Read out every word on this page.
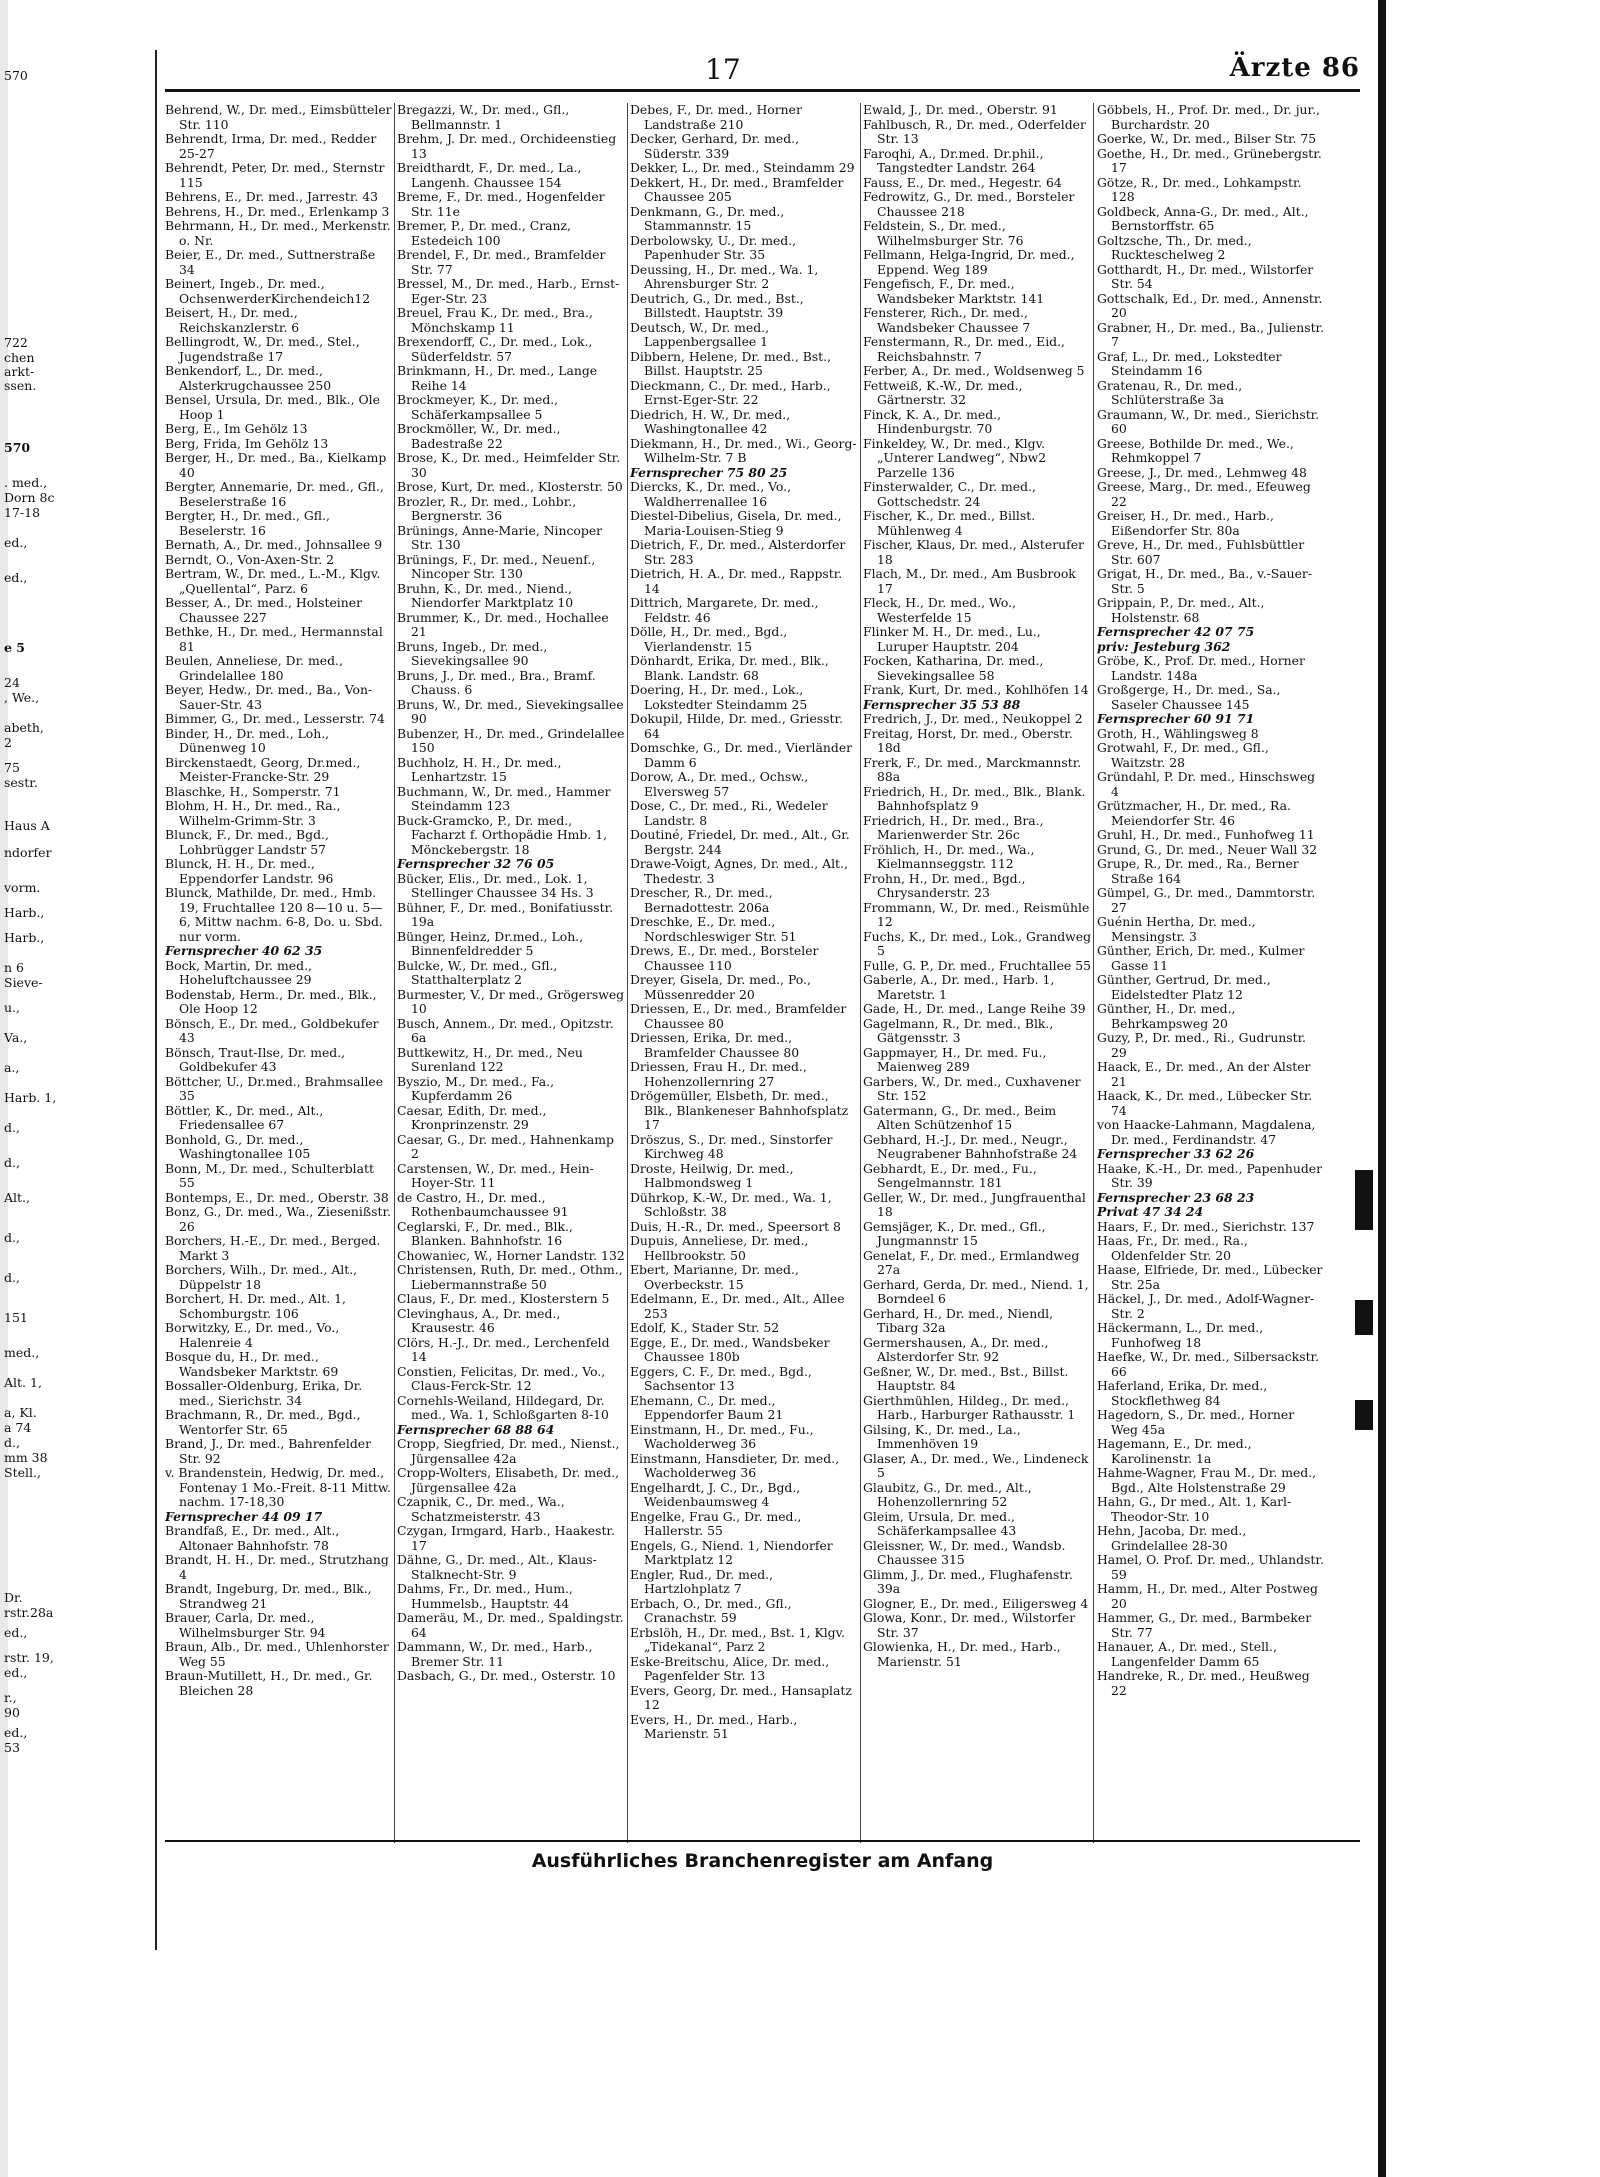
570
722
chen
arkt-
ssen.
570
. med.,
Dorn 8c
17-18
ed.,
ed.,
e 5
24
, We.,
abeth,
2
75
sestr.
Haus A
ndorfer
vorm.
Harb.,
Harb.,
n 6
Sieve-
u.,
Va.,
a.,
Harb. 1,
d.,
d.,
Alt.,
d.,
d.,
151
med.,
Alt. 1,
a, Kl.
a 74
d.,
mm 38
Stell.,
Dr.
rstr.28a
ed.,
rstr. 19,
ed.,
r.,
90
ed.,
53
17	Ärzte 86

Behrend, W., Dr. med., Eimsbütteler Str. 110

Behrendt, Irma, Dr. med., Redder 25-27

Behrendt, Peter, Dr. med., Sternstr 115

Behrens, E., Dr. med., Jarrestr. 43

Behrens, H., Dr. med., Erlenkamp 3

Behrmann, H., Dr. med., Merkenstr. o. Nr.

Beier, E., Dr. med., Suttnerstraße 34

Beinert, Ingeb., Dr. med., OchsenwerderKirchendeich12

Beisert, H., Dr. med., Reichskanzlerstr. 6

Bellingrodt, W., Dr. med., Stel., Jugendstraße 17

Benkendorf, L., Dr. med., Alsterkrugchaussee 250

Bensel, Ursula, Dr. med., Blk., Ole Hoop 1

Berg, E., Im Gehölz 13

Berg, Frida, Im Gehölz 13

Berger, H., Dr. med., Ba., Kielkamp 40

Bergter, Annemarie, Dr. med., Gfl., Beselerstraße 16

Bergter, H., Dr. med., Gfl., Beselerstr. 16

Bernath, A., Dr. med., Johnsallee 9

Berndt, O., Von-Axen-Str. 2

Bertram, W., Dr. med., L.-M., Klgv. „Quellental“, Parz. 6

Besser, A., Dr. med., Holsteiner Chaussee 227

Bethke, H., Dr. med., Hermannstal 81

Beulen, Anneliese, Dr. med., Grindelallee 180

Beyer, Hedw., Dr. med., Ba., Von-Sauer-Str. 43

Bimmer, G., Dr. med., Lesserstr. 74

Binder, H., Dr. med., Loh., Dünenweg 10

Birckenstaedt, Georg, Dr.med., Meister-Francke-Str. 29

Blaschke, H., Somperstr. 71

Blohm, H. H., Dr. med., Ra., Wilhelm-Grimm-Str. 3

Blunck, F., Dr. med., Bgd., Lohbrügger Landstr 57

Blunck, H. H., Dr. med., Eppendorfer Landstr. 96

Blunck, Mathilde, Dr. med., Hmb. 19, Fruchtallee 120 8—10 u. 5—6, Mittw nachm. 6-8, Do. u. Sbd. nur vorm.

Fernsprecher 40 62 35

Bock, Martin, Dr. med., Hoheluftchaussee 29

Bodenstab, Herm., Dr. med., Blk., Ole Hoop 12

Bönsch, E., Dr. med., Goldbekufer 43

Bönsch, Traut-Ilse, Dr. med., Goldbekufer 43

Böttcher, U., Dr.med., Brahmsallee 35

Böttler, K., Dr. med., Alt., Friedensallee 67

Bonhold, G., Dr. med., Washingtonallee 105

Bonn, M., Dr. med., Schulterblatt 55

Bontemps, E., Dr. med., Oberstr. 38

Bonz, G., Dr. med., Wa., Ziesenißstr. 26

Borchers, H.-E., Dr. med., Berged. Markt 3

Borchers, Wilh., Dr. med., Alt., Düppelstr 18

Borchert, H. Dr. med., Alt. 1, Schomburgstr. 106

Borwitzky, E., Dr. med., Vo., Halenreie 4

Bosque du, H., Dr. med., Wandsbeker Marktstr. 69

Bossaller-Oldenburg, Erika, Dr. med., Sierichstr. 34

Brachmann, R., Dr. med., Bgd., Wentorfer Str. 65

Brand, J., Dr. med., Bahrenfelder Str. 92

v. Brandenstein, Hedwig, Dr. med., Fontenay 1 Mo.-Freit. 8-11 Mittw. nachm. 17-18,30

Fernsprecher 44 09 17

Brandfaß, E., Dr. med., Alt., Altonaer Bahnhofstr. 78

Brandt, H. H., Dr. med., Strutzhang 4

Brandt, Ingeburg, Dr. med., Blk., Strandweg 21

Brauer, Carla, Dr. med., Wilhelmsburger Str. 94

Braun, Alb., Dr. med., Uhlenhorster Weg 55

Braun-Mutillett, H., Dr. med., Gr. Bleichen 28

Bregazzi, W., Dr. med., Gfl., Bellmannstr. 1

Brehm, J. Dr. med., Orchideenstieg 13

Breidthardt, F., Dr. med., La., Langenh. Chaussee 154

Breme, F., Dr. med., Hogenfelder Str. 11e

Bremer, P., Dr. med., Cranz, Estedeich 100

Brendel, F., Dr. med., Bramfelder Str. 77

Bressel, M., Dr. med., Harb., Ernst-Eger-Str. 23

Breuel, Frau K., Dr. med., Bra., Mönchskamp 11

Brexendorff, C., Dr. med., Lok., Süderfeldstr. 57

Brinkmann, H., Dr. med., Lange Reihe 14

Brockmeyer, K., Dr. med., Schäferkampsallee 5

Brockmöller, W., Dr. med., Badestraße 22

Brose, K., Dr. med., Heimfelder Str. 30

Brose, Kurt, Dr. med., Klosterstr. 50

Brozler, R., Dr. med., Lohbr., Bergnerstr. 36

Brünings, Anne-Marie, Nincoper Str. 130

Brünings, F., Dr. med., Neuenf., Nincoper Str. 130

Bruhn, K., Dr. med., Niend., Niendorfer Marktplatz 10

Brummer, K., Dr. med., Hochallee 21

Bruns, Ingeb., Dr. med., Sievekingsallee 90

Bruns, J., Dr. med., Bra., Bramf. Chauss. 6

Bruns, W., Dr. med., Sievekingsallee 90

Bubenzer, H., Dr. med., Grindelallee 150

Buchholz, H. H., Dr. med., Lenhartzstr. 15

Buchmann, W., Dr. med., Hammer Steindamm 123

Buck-Gramcko, P., Dr. med., Facharzt f. Orthopädie Hmb. 1, Mönckebergstr. 18

Fernsprecher 32 76 05

Bücker, Elis., Dr. med., Lok. 1, Stellinger Chaussee 34 Hs. 3

Bühner, F., Dr. med., Bonifatiusstr. 19a

Bünger, Heinz, Dr.med., Loh., Binnenfeldredder 5

Bulcke, W., Dr. med., Gfl., Statthalterplatz 2

Burmester, V., Dr med., Grögersweg 10

Busch, Annem., Dr. med., Opitzstr. 6a

Buttkewitz, H., Dr. med., Neu Surenland 122

Byszio, M., Dr. med., Fa., Kupferdamm 26

Caesar, Edith, Dr. med., Kronprinzenstr. 29

Caesar, G., Dr. med., Hahnenkamp 2

Carstensen, W., Dr. med., Hein-Hoyer-Str. 11

de Castro, H., Dr. med., Rothenbaumchaussee 91

Ceglarski, F., Dr. med., Blk., Blanken. Bahnhofstr. 16

Chowaniec, W., Horner Landstr. 132

Christensen, Ruth, Dr. med., Othm., Liebermannstraße 50

Claus, F., Dr. med., Klosterstern 5

Clevinghaus, A., Dr. med., Krausestr. 46

Clörs, H.-J., Dr. med., Lerchenfeld 14

Constien, Felicitas, Dr. med., Vo., Claus-Ferck-Str. 12

Cornehls-Weiland, Hildegard, Dr. med., Wa. 1, Schloßgarten 8-10

Fernsprecher 68 88 64

Cropp, Siegfried, Dr. med., Nienst., Jürgensallee 42a

Cropp-Wolters, Elisabeth, Dr. med., Jürgensallee 42a

Czapnik, C., Dr. med., Wa., Schatzmeisterstr. 43

Czygan, Irmgard, Harb., Haakestr. 17

Dähne, G., Dr. med., Alt., Klaus-Stalknecht-Str. 9

Dahms, Fr., Dr. med., Hum., Hummelsb., Hauptstr. 44

Dameräu, M., Dr. med., Spaldingstr. 64

Dammann, W., Dr. med., Harb., Bremer Str. 11

Dasbach, G., Dr. med., Osterstr. 10

Debes, F., Dr. med., Horner Landstraße 210

Decker, Gerhard, Dr. med., Süderstr. 339

Dekker, L., Dr. med., Steindamm 29

Dekkert, H., Dr. med., Bramfelder Chaussee 205

Denkmann, G., Dr. med., Stammannstr. 15

Derbolowsky, U., Dr. med., Papenhuder Str. 35

Deussing, H., Dr. med., Wa. 1, Ahrensburger Str. 2

Deutrich, G., Dr. med., Bst., Billstedt. Hauptstr. 39

Deutsch, W., Dr. med., Lappenbergsallee 1

Dibbern, Helene, Dr. med., Bst., Billst. Hauptstr. 25

Dieckmann, C., Dr. med., Harb., Ernst-Eger-Str. 22

Diedrich, H. W., Dr. med., Washingtonallee 42

Diekmann, H., Dr. med., Wi., Georg-Wilhelm-Str. 7 B

Fernsprecher 75 80 25

Diercks, K., Dr. med., Vo., Waldherrenallee 16

Diestel-Dibelius, Gisela, Dr. med., Maria-Louisen-Stieg 9

Dietrich, F., Dr. med., Alsterdorfer Str. 283

Dietrich, H. A., Dr. med., Rappstr. 14

Dittrich, Margarete, Dr. med., Feldstr. 46

Dölle, H., Dr. med., Bgd., Vierlandenstr. 15

Dönhardt, Erika, Dr. med., Blk., Blank. Landstr. 68

Doering, H., Dr. med., Lok., Lokstedter Steindamm 25

Dokupil, Hilde, Dr. med., Griesstr. 64

Domschke, G., Dr. med., Vierländer Damm 6

Dorow, A., Dr. med., Ochsw., Elversweg 57

Dose, C., Dr. med., Ri., Wedeler Landstr. 8

Doutiné, Friedel, Dr. med., Alt., Gr. Bergstr. 244

Drawe-Voigt, Agnes, Dr. med., Alt., Thedestr. 3

Drescher, R., Dr. med., Bernadottestr. 206a

Dreschke, E., Dr. med., Nordschleswiger Str. 51

Drews, E., Dr. med., Borsteler Chaussee 110

Dreyer, Gisela, Dr. med., Po., Müssenredder 20

Driessen, E., Dr. med., Bramfelder Chaussee 80

Driessen, Erika, Dr. med., Bramfelder Chaussee 80

Driessen, Frau H., Dr. med., Hohenzollernring 27

Drögemüller, Elsbeth, Dr. med., Blk., Blankeneser Bahnhofsplatz 17

Dröszus, S., Dr. med., Sinstorfer Kirchweg 48

Droste, Heilwig, Dr. med., Halbmondsweg 1

Dührkop, K.-W., Dr. med., Wa. 1, Schloßstr. 38

Duis, H.-R., Dr. med., Speersort 8

Dupuis, Anneliese, Dr. med., Hellbrookstr. 50

Ebert, Marianne, Dr. med., Overbeckstr. 15

Edelmann, E., Dr. med., Alt., Allee 253

Edolf, K., Stader Str. 52

Egge, E., Dr. med., Wandsbeker Chaussee 180b

Eggers, C. F., Dr. med., Bgd., Sachsentor 13

Ehemann, C., Dr. med., Eppendorfer Baum 21

Einstmann, H., Dr. med., Fu., Wacholderweg 36

Einstmann, Hansdieter, Dr. med., Wacholderweg 36

Engelhardt, J. C., Dr., Bgd., Weidenbaumsweg 4

Engelke, Frau G., Dr. med., Hallerstr. 55

Engels, G., Niend. 1, Niendorfer Marktplatz 12

Engler, Rud., Dr. med., Hartzlohplatz 7

Erbach, O., Dr. med., Gfl., Cranachstr. 59

Erbslöh, H., Dr. med., Bst. 1, Klgv. „Tidekanal“, Parz 2

Eske-Breitschu, Alice, Dr. med., Pagenfelder Str. 13

Evers, Georg, Dr. med., Hansaplatz 12

Evers, H., Dr. med., Harb., Marienstr. 51

Ewald, J., Dr. med., Oberstr. 91

Fahlbusch, R., Dr. med., Oderfelder Str. 13

Faroqhi, A., Dr.med. Dr.phil., Tangstedter Landstr. 264

Fauss, E., Dr. med., Hegestr. 64

Fedrowitz, G., Dr. med., Borsteler Chaussee 218

Feldstein, S., Dr. med., Wilhelmsburger Str. 76

Fellmann, Helga-Ingrid, Dr. med., Eppend. Weg 189

Fengefisch, F., Dr. med., Wandsbeker Marktstr. 141

Fensterer, Rich., Dr. med., Wandsbeker Chaussee 7

Fenstermann, R., Dr. med., Eid., Reichsbahnstr. 7

Ferber, A., Dr. med., Woldsenweg 5

Fettweiß, K.-W., Dr. med., Gärtnerstr. 32

Finck, K. A., Dr. med., Hindenburgstr. 70

Finkeldey, W., Dr. med., Klgv. „Unterer Landweg“, Nbw2 Parzelle 136

Finsterwalder, C., Dr. med., Gottschedstr. 24

Fischer, K., Dr. med., Billst. Mühlenweg 4

Fischer, Klaus, Dr. med., Alsterufer 18

Flach, M., Dr. med., Am Busbrook 17

Fleck, H., Dr. med., Wo., Westerfelde 15

Flinker M. H., Dr. med., Lu., Luruper Hauptstr. 204

Focken, Katharina, Dr. med., Sievekingsallee 58

Frank, Kurt, Dr. med., Kohlhöfen 14

Fernsprecher 35 53 88

Fredrich, J., Dr. med., Neukoppel 2

Freitag, Horst, Dr. med., Oberstr. 18d

Frerk, F., Dr. med., Marckmannstr. 88a

Friedrich, H., Dr. med., Blk., Blank. Bahnhofsplatz 9

Friedrich, H., Dr. med., Bra., Marienwerder Str. 26c

Fröhlich, H., Dr. med., Wa., Kielmannseggstr. 112

Frohn, H., Dr. med., Bgd., Chrysanderstr. 23

Frommann, W., Dr. med., Reismühle 12

Fuchs, K., Dr. med., Lok., Grandweg 5

Fulle, G. P., Dr. med., Fruchtallee 55

Gaberle, A., Dr. med., Harb. 1, Maretstr. 1

Gade, H., Dr. med., Lange Reihe 39

Gagelmann, R., Dr. med., Blk., Gätgensstr. 3

Gappmayer, H., Dr. med. Fu., Maienweg 289

Garbers, W., Dr. med., Cuxhavener Str. 152

Gatermann, G., Dr. med., Beim Alten Schützenhof 15

Gebhard, H.-J., Dr. med., Neugr., Neugrabener Bahnhofstraße 24

Gebhardt, E., Dr. med., Fu., Sengelmannstr. 181

Geller, W., Dr. med., Jungfrauenthal 18

Gemsjäger, K., Dr. med., Gfl., Jungmannstr 15

Genelat, F., Dr. med., Ermlandweg 27a

Gerhard, Gerda, Dr. med., Niend. 1, Borndeel 6

Gerhard, H., Dr. med., Niendl, Tibarg 32a

Germershausen, A., Dr. med., Alsterdorfer Str. 92

Geßner, W., Dr. med., Bst., Billst. Hauptstr. 84

Gierthmühlen, Hildeg., Dr. med., Harb., Harburger Rathausstr. 1

Gilsing, K., Dr. med., La., Immenhöven 19

Glaser, A., Dr. med., We., Lindeneck 5

Glaubitz, G., Dr. med., Alt., Hohenzollernring 52

Gleim, Ursula, Dr. med., Schäferkampsallee 43

Gleissner, W., Dr. med., Wandsb. Chaussee 315

Glimm, J., Dr. med., Flughafenstr. 39a

Glogner, E., Dr. med., Eiligersweg 4

Glowa, Konr., Dr. med., Wilstorfer Str. 37

Glowienka, H., Dr. med., Harb., Marienstr. 51

Göbbels, H., Prof. Dr. med., Dr. jur., Burchardstr. 20

Goerke, W., Dr. med., Bilser Str. 75

Goethe, H., Dr. med., Grünebergstr. 17

Götze, R., Dr. med., Lohkampstr. 128

Goldbeck, Anna-G., Dr. med., Alt., Bernstorffstr. 65

Goltzsche, Th., Dr. med., Ruckteschelweg 2

Gotthardt, H., Dr. med., Wilstorfer Str. 54

Gottschalk, Ed., Dr. med., Annenstr. 20

Grabner, H., Dr. med., Ba., Julienstr. 7

Graf, L., Dr. med., Lokstedter Steindamm 16

Gratenau, R., Dr. med., Schlüterstraße 3a

Graumann, W., Dr. med., Sierichstr. 60

Greese, Bothilde Dr. med., We., Rehmkoppel 7

Greese, J., Dr. med., Lehmweg 48

Greese, Marg., Dr. med., Efeuweg 22

Greiser, H., Dr. med., Harb., Eißendorfer Str. 80a

Greve, H., Dr. med., Fuhlsbüttler Str. 607

Grigat, H., Dr. med., Ba., v.-Sauer-Str. 5

Grippain, P., Dr. med., Alt., Holstenstr. 68

Fernsprecher 42 07 75

priv: Jesteburg 362

Gröbe, K., Prof. Dr. med., Horner Landstr. 148a

Großgerge, H., Dr. med., Sa., Saseler Chaussee 145

Fernsprecher 60 91 71

Groth, H., Wählingsweg 8

Grotwahl, F., Dr. med., Gfl., Waitzstr. 28

Gründahl, P. Dr. med., Hinschsweg 4

Grützmacher, H., Dr. med., Ra. Meiendorfer Str. 46

Gruhl, H., Dr. med., Funhofweg 11

Grund, G., Dr. med., Neuer Wall 32

Grupe, R., Dr. med., Ra., Berner Straße 164

Gümpel, G., Dr. med., Dammtorstr. 27

Guénin Hertha, Dr. med., Mensingstr. 3

Günther, Erich, Dr. med., Kulmer Gasse 11

Günther, Gertrud, Dr. med., Eidelstedter Platz 12

Günther, H., Dr. med., Behrkampsweg 20

Guzy, P., Dr. med., Ri., Gudrunstr. 29

Haack, E., Dr. med., An der Alster 21

Haack, K., Dr. med., Lübecker Str. 74

von Haacke-Lahmann, Magdalena, Dr. med., Ferdinandstr. 47

Fernsprecher 33 62 26

Haake, K.-H., Dr. med., Papenhuder Str. 39

Fernsprecher 23 68 23

Privat 47 34 24

Haars, F., Dr. med., Sierichstr. 137

Haas, Fr., Dr. med., Ra., Oldenfelder Str. 20

Haase, Elfriede, Dr. med., Lübecker Str. 25a

Häckel, J., Dr. med., Adolf-Wagner-Str. 2

Häckermann, L., Dr. med., Funhofweg 18

Haefke, W., Dr. med., Silbersackstr. 66

Haferland, Erika, Dr. med., Stockflethweg 84

Hagedorn, S., Dr. med., Horner Weg 45a

Hagemann, E., Dr. med., Karolinenstr. 1a

Hahme-Wagner, Frau M., Dr. med., Bgd., Alte Holstenstraße 29

Hahn, G., Dr med., Alt. 1, Karl-Theodor-Str. 10

Hehn, Jacoba, Dr. med., Grindelallee 28-30

Hamel, O. Prof. Dr. med., Uhlandstr. 59

Hamm, H., Dr. med., Alter Postweg 20

Hammer, G., Dr. med., Barmbeker Str. 77

Hanauer, A., Dr. med., Stell., Langenfelder Damm 65

Handreke, R., Dr. med., Heußweg 22

Ausführliches Branchenregister am Anfang
